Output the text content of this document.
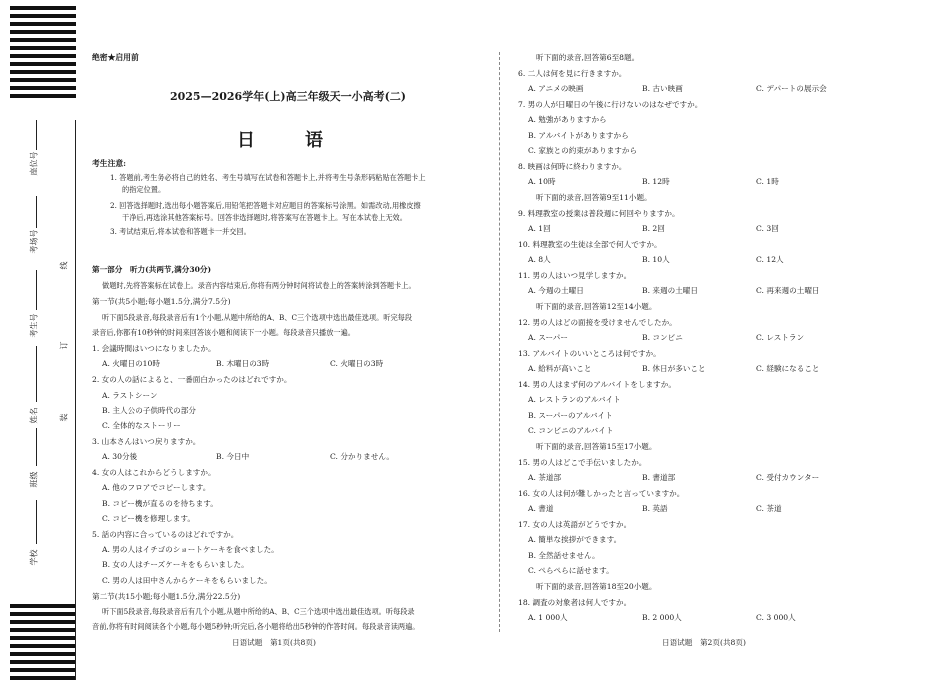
座位号
考场号
考生号
姓名
班级
学校
线
订
装
绝密★启用前
2025—2026学年(上)高三年级天一小高考(二)
日　语
考生注意:
1. 答题前,考生务必将自己的姓名、考生号填写在试卷和答题卡上,并将考生号条形码粘贴在答题卡上
的指定位置。
2. 回答选择题时,选出每小题答案后,用铅笔把答题卡对应题目的答案标号涂黑。如需改动,用橡皮擦
干净后,再选涂其他答案标号。回答非选择题时,将答案写在答题卡上。写在本试卷上无效。
3. 考试结束后,将本试卷和答题卡一并交回。
第一部分　听力(共两节,满分30分)
做题时,先将答案标在试卷上。录音内容结束后,你将有两分钟时间将试卷上的答案转涂到答题卡上。
第一节(共5小题;每小题1.5分,满分7.5分)
听下面5段录音,每段录音后有1个小题,从题中所给的A、B、C三个选项中选出最佳选项。听完每段
录音后,你都有10秒钟的时间来回答该小题和阅读下一小题。每段录音只播放一遍。
1. 会議時間はいつになりましたか。
A. 火曜日の10時	B. 木曜日の3時	C. 火曜日の3時
2. 女の人の話によると、一番面白かったのはどれですか。
A. ラストシーン
B. 主人公の子供時代の部分
C. 全体的なストーリー
3. 山本さんはいつ戻りますか。
A. 30分後	B. 今日中	C. 分かりません。
4. 女の人はこれからどうしますか。
A. 他のフロアでコピーします。
B. コピー機が直るのを待ちます。
C. コピー機を修理します。
5. 話の内容に合っているのはどれですか。
A. 男の人はイチゴのショートケーキを食べました。
B. 女の人はチーズケーキをもらいました。
C. 男の人は田中さんからケーキをもらいました。
第二节(共15小题;每小题1.5分,满分22.5分)
听下面5段录音,每段录音后有几个小题,从题中所给的A、B、C三个选项中选出最佳选项。听每段录
音前,你将有时间阅读各个小题,每小题5秒钟;听完后,各小题将给出5秒钟的作答时间。每段录音读两遍。
日语试题　第1页(共8页)
听下面的录音,回答第6至8题。
6. 二人は何を見に行きますか。
A. アニメの映画	B. 古い映画	C. デパートの展示会
7. 男の人が日曜日の午後に行けないのはなぜですか。
A. 勉強がありますから
B. アルバイトがありますから
C. 家族との約束がありますから
8. 映画は何時に終わりますか。
A. 10時	B. 12時	C. 1時
听下面的录音,回答第9至11小题。
9. 料理教室の授業は普段週に何回やりますか。
A. 1回	B. 2回	C. 3回
10. 料理教室の生徒は全部で何人ですか。
A. 8人	B. 10人	C. 12人
11. 男の人はいつ見学しますか。
A. 今週の土曜日	B. 来週の土曜日	C. 再来週の土曜日
听下面的录音,回答第12至14小题。
12. 男の人はどの面接を受けませんでしたか。
A. スーパー	B. コンビニ	C. レストラン
13. アルバイトのいいところは何ですか。
A. 給料が高いこと	B. 休日が多いこと	C. 経験になること
14. 男の人はまず何のアルバイトをしますか。
A. レストランのアルバイト
B. スーパーのアルバイト
C. コンビニのアルバイト
听下面的录音,回答第15至17小题。
15. 男の人はどこで手伝いましたか。
A. 茶道部	B. 書道部	C. 受付カウンター
16. 女の人は何が難しかったと言っていますか。
A. 書道	B. 英語	C. 茶道
17. 女の人は英語がどうですか。
A. 簡単な挨拶ができます。
B. 全然話せません。
C. ぺらぺらに話せます。
听下面的录音,回答第18至20小题。
18. 調査の対象者は何人ですか。
A. 1 000人	B. 2 000人	C. 3 000人
日语试题　第2页(共8页)
